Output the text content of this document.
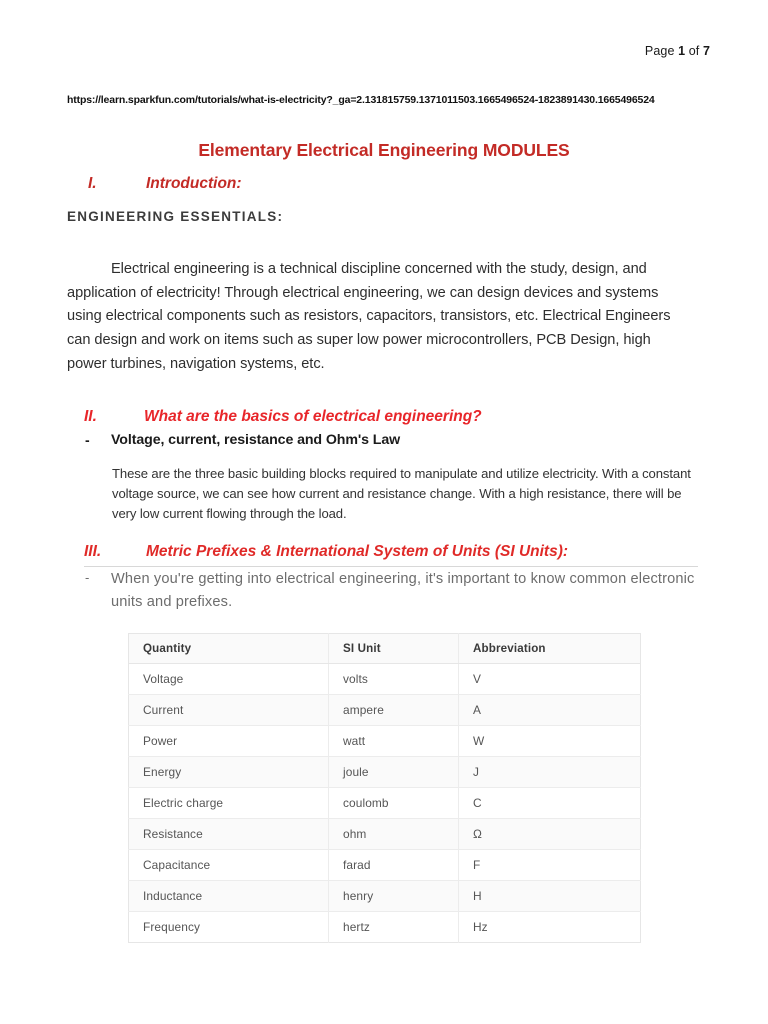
Page 1 of 7
https://learn.sparkfun.com/tutorials/what-is-electricity?_ga=2.131815759.1371011503.1665496524-1823891430.1665496524
Elementary Electrical Engineering MODULES
I.	Introduction:
ENGINEERING ESSENTIALS:
Electrical engineering is a technical discipline concerned with the study, design, and application of electricity! Through electrical engineering, we can design devices and systems using electrical components such as resistors, capacitors, transistors, etc. Electrical Engineers can design and work on items such as super low power microcontrollers, PCB Design, high power turbines, navigation systems, etc.
II.	What are the basics of electrical engineering?
-	Voltage, current, resistance and Ohm's Law
These are the three basic building blocks required to manipulate and utilize electricity. With a constant voltage source, we can see how current and resistance change. With a high resistance, there will be very low current flowing through the load.
III.	Metric Prefixes & International System of Units (SI Units):
-	When you're getting into electrical engineering, it's important to know common electronic units and prefixes.
Quantity	SI Unit	Abbreviation
Voltage	volts	V
Current	ampere	A
Power	watt	W
Energy	joule	J
Electric charge	coulomb	C
Resistance	ohm	Ω
Capacitance	farad	F
Inductance	henry	H
Frequency	hertz	Hz
